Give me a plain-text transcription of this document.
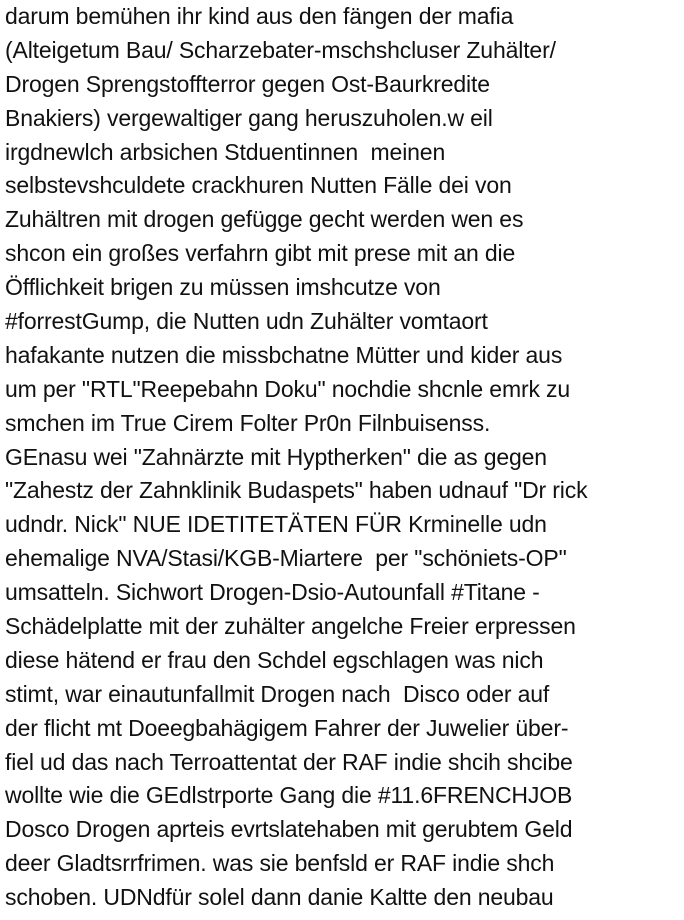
darum bemühen ihr kind aus den fängen der mafia
(Alteigetum Bau/ Scharzebater-mschshcluser Zuhälter/
Drogen Sprengstoffterror gegen Ost-Baurkredite
Bnakiers) vergewaltiger gang heruszuholen.w eil
irgdnewlch arbsichen Stduentinnen  meinen
selbstevshculdete crackhuren Nutten Fälle dei von
Zuhältren mit drogen gefügge gecht werden wen es
shcon ein großes verfahrn gibt mit prese mit an die
Öfflichkeit brigen zu müssen imshcutze von
#forrestGump, die Nutten udn Zuhälter vomtaort
hafakante nutzen die missbchatne Mütter und kider aus
um per "RTL"Reepebahn Doku" nochdie shcnle emrk zu
smchen im True Cirem Folter Pr0n Filnbuisenss.
GEnasu wei "Zahnärzte mit Hyptherken" die as gegen
"Zahestz der Zahnklinik Budaspets" haben udnauf "Dr rick
udndr. Nick" NUE IDETITETÄTEN FÜR Krminelle udn
ehemalige NVA/Stasi/KGB-Miartere  per "schöniets-OP"
umsatteln. Sichwort Drogen-Dsio-Autounfall #Titane -
Schädelplatte mit der zuhälter angelche Freier erpressen
diese hätend er frau den Schdel egschlagen was nich
stimt, war einautunfallmit Drogen nach  Disco oder auf
der flicht mt Doeegbahägigem Fahrer der Juwelier über-
fiel ud das nach Terroattentat der RAF indie shcih shcibe
wollte wie die GEdlstrporte Gang die #11.6FRENCHJOB
Dosco Drogen aprteis evrtslatehaben mit gerubtem Geld
deer Gladtsrrfrimen. was sie benfsld er RAF indie shch
schoben. UDNdfür solel dann danie Kaltte den neubau
